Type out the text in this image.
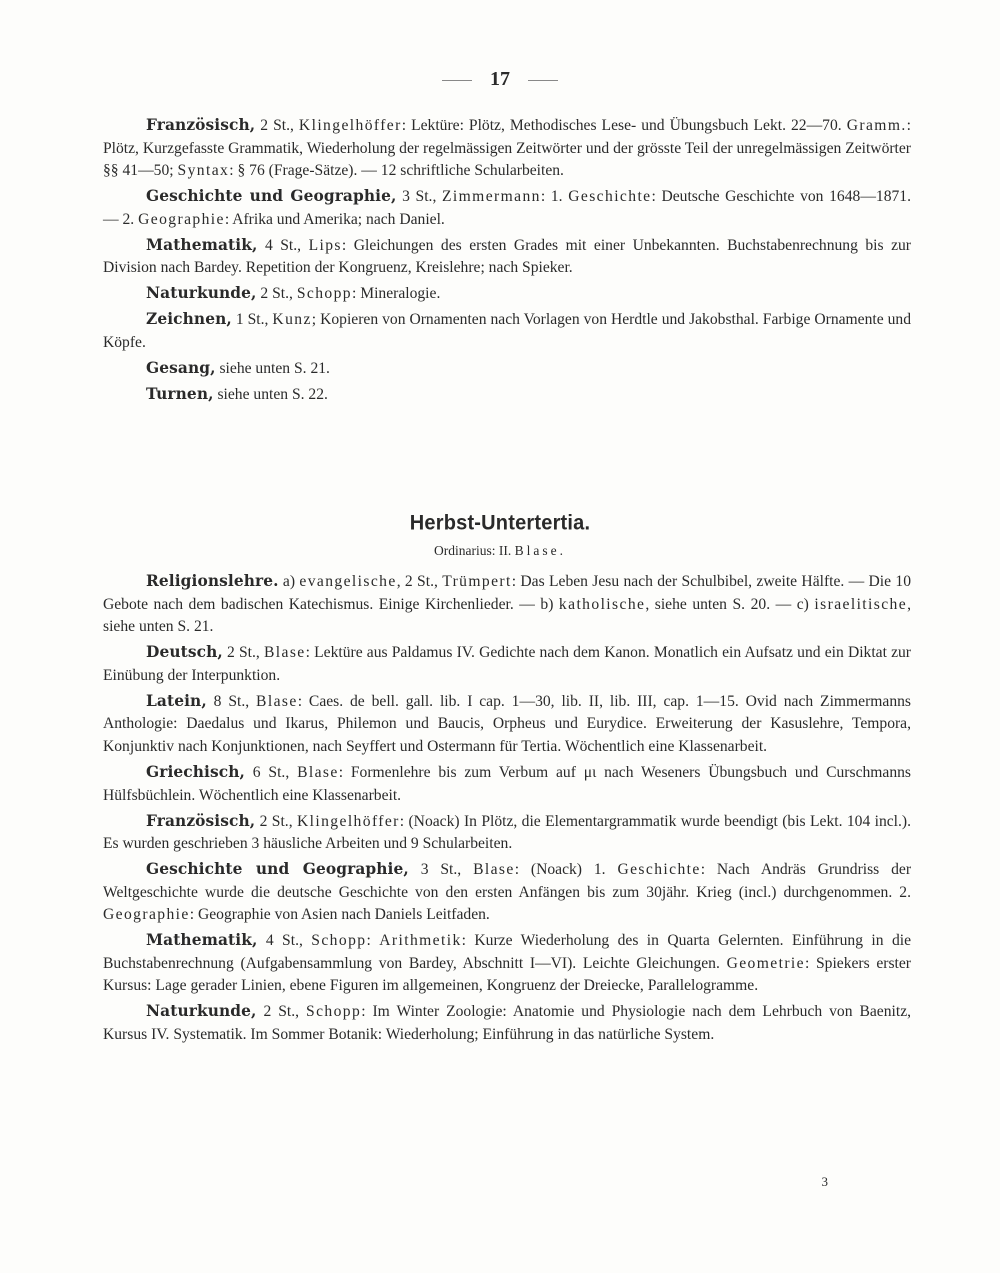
17

Französisch, 2 St., Klingelhöffer: Lektüre: Plötz, Methodisches Lese- und Übungsbuch Lekt. 22—70. Gramm.: Plötz, Kurzgefasste Grammatik, Wiederholung der regelmässigen Zeitwörter und der grösste Teil der unregelmässigen Zeitwörter §§ 41—50; Syntax: § 76 (Frage-Sätze). — 12 schriftliche Schularbeiten.

Geschichte und Geographie, 3 St., Zimmermann: 1. Geschichte: Deutsche Geschichte von 1648—1871. — 2. Geographie: Afrika und Amerika; nach Daniel.

Mathematik, 4 St., Lips: Gleichungen des ersten Grades mit einer Unbekannten. Buchstabenrechnung bis zur Division nach Bardey. Repetition der Kongruenz, Kreislehre; nach Spieker.

Naturkunde, 2 St., Schopp: Mineralogie.

Zeichnen, 1 St., Kunz; Kopieren von Ornamenten nach Vorlagen von Herdtle und Jakobsthal. Farbige Ornamente und Köpfe.

Gesang, siehe unten S. 21.

Turnen, siehe unten S. 22.

Herbst-Untertertia.
Ordinarius: II. Blase.

Religionslehre. a) evangelische, 2 St., Trümpert: Das Leben Jesu nach der Schulbibel, zweite Hälfte. — Die 10 Gebote nach dem badischen Katechismus. Einige Kirchenlieder. — b) katholische, siehe unten S. 20. — c) israelitische, siehe unten S. 21.

Deutsch, 2 St., Blase: Lektüre aus Paldamus IV. Gedichte nach dem Kanon. Monatlich ein Aufsatz und ein Diktat zur Einübung der Interpunktion.

Latein, 8 St., Blase: Caes. de bell. gall. lib. I cap. 1—30, lib. II, lib. III, cap. 1—15. Ovid nach Zimmermanns Anthologie: Daedalus und Ikarus, Philemon und Baucis, Orpheus und Eurydice. Erweiterung der Kasuslehre, Tempora, Konjunktiv nach Konjunktionen, nach Seyffert und Ostermann für Tertia. Wöchentlich eine Klassenarbeit.

Griechisch, 6 St., Blase: Formenlehre bis zum Verbum auf μι nach Weseners Übungsbuch und Curschmanns Hülfsbüchlein. Wöchentlich eine Klassenarbeit.

Französisch, 2 St., Klingelhöffer: (Noack) In Plötz, die Elementargrammatik wurde beendigt (bis Lekt. 104 incl.). Es wurden geschrieben 3 häusliche Arbeiten und 9 Schularbeiten.

Geschichte und Geographie, 3 St., Blase: (Noack) 1. Geschichte: Nach Andräs Grundriss der Weltgeschichte wurde die deutsche Geschichte von den ersten Anfängen bis zum 30jähr. Krieg (incl.) durchgenommen. 2. Geographie: Geographie von Asien nach Daniels Leitfaden.

Mathematik, 4 St., Schopp: Arithmetik: Kurze Wiederholung des in Quarta Gelernten. Einführung in die Buchstabenrechnung (Aufgabensammlung von Bardey, Abschnitt I—VI). Leichte Gleichungen. Geometrie: Spiekers erster Kursus: Lage gerader Linien, ebene Figuren im allgemeinen, Kongruenz der Dreiecke, Parallelogramme.

Naturkunde, 2 St., Schopp: Im Winter Zoologie: Anatomie und Physiologie nach dem Lehrbuch von Baenitz, Kursus IV. Systematik. Im Sommer Botanik: Wiederholung; Einführung in das natürliche System.

3
